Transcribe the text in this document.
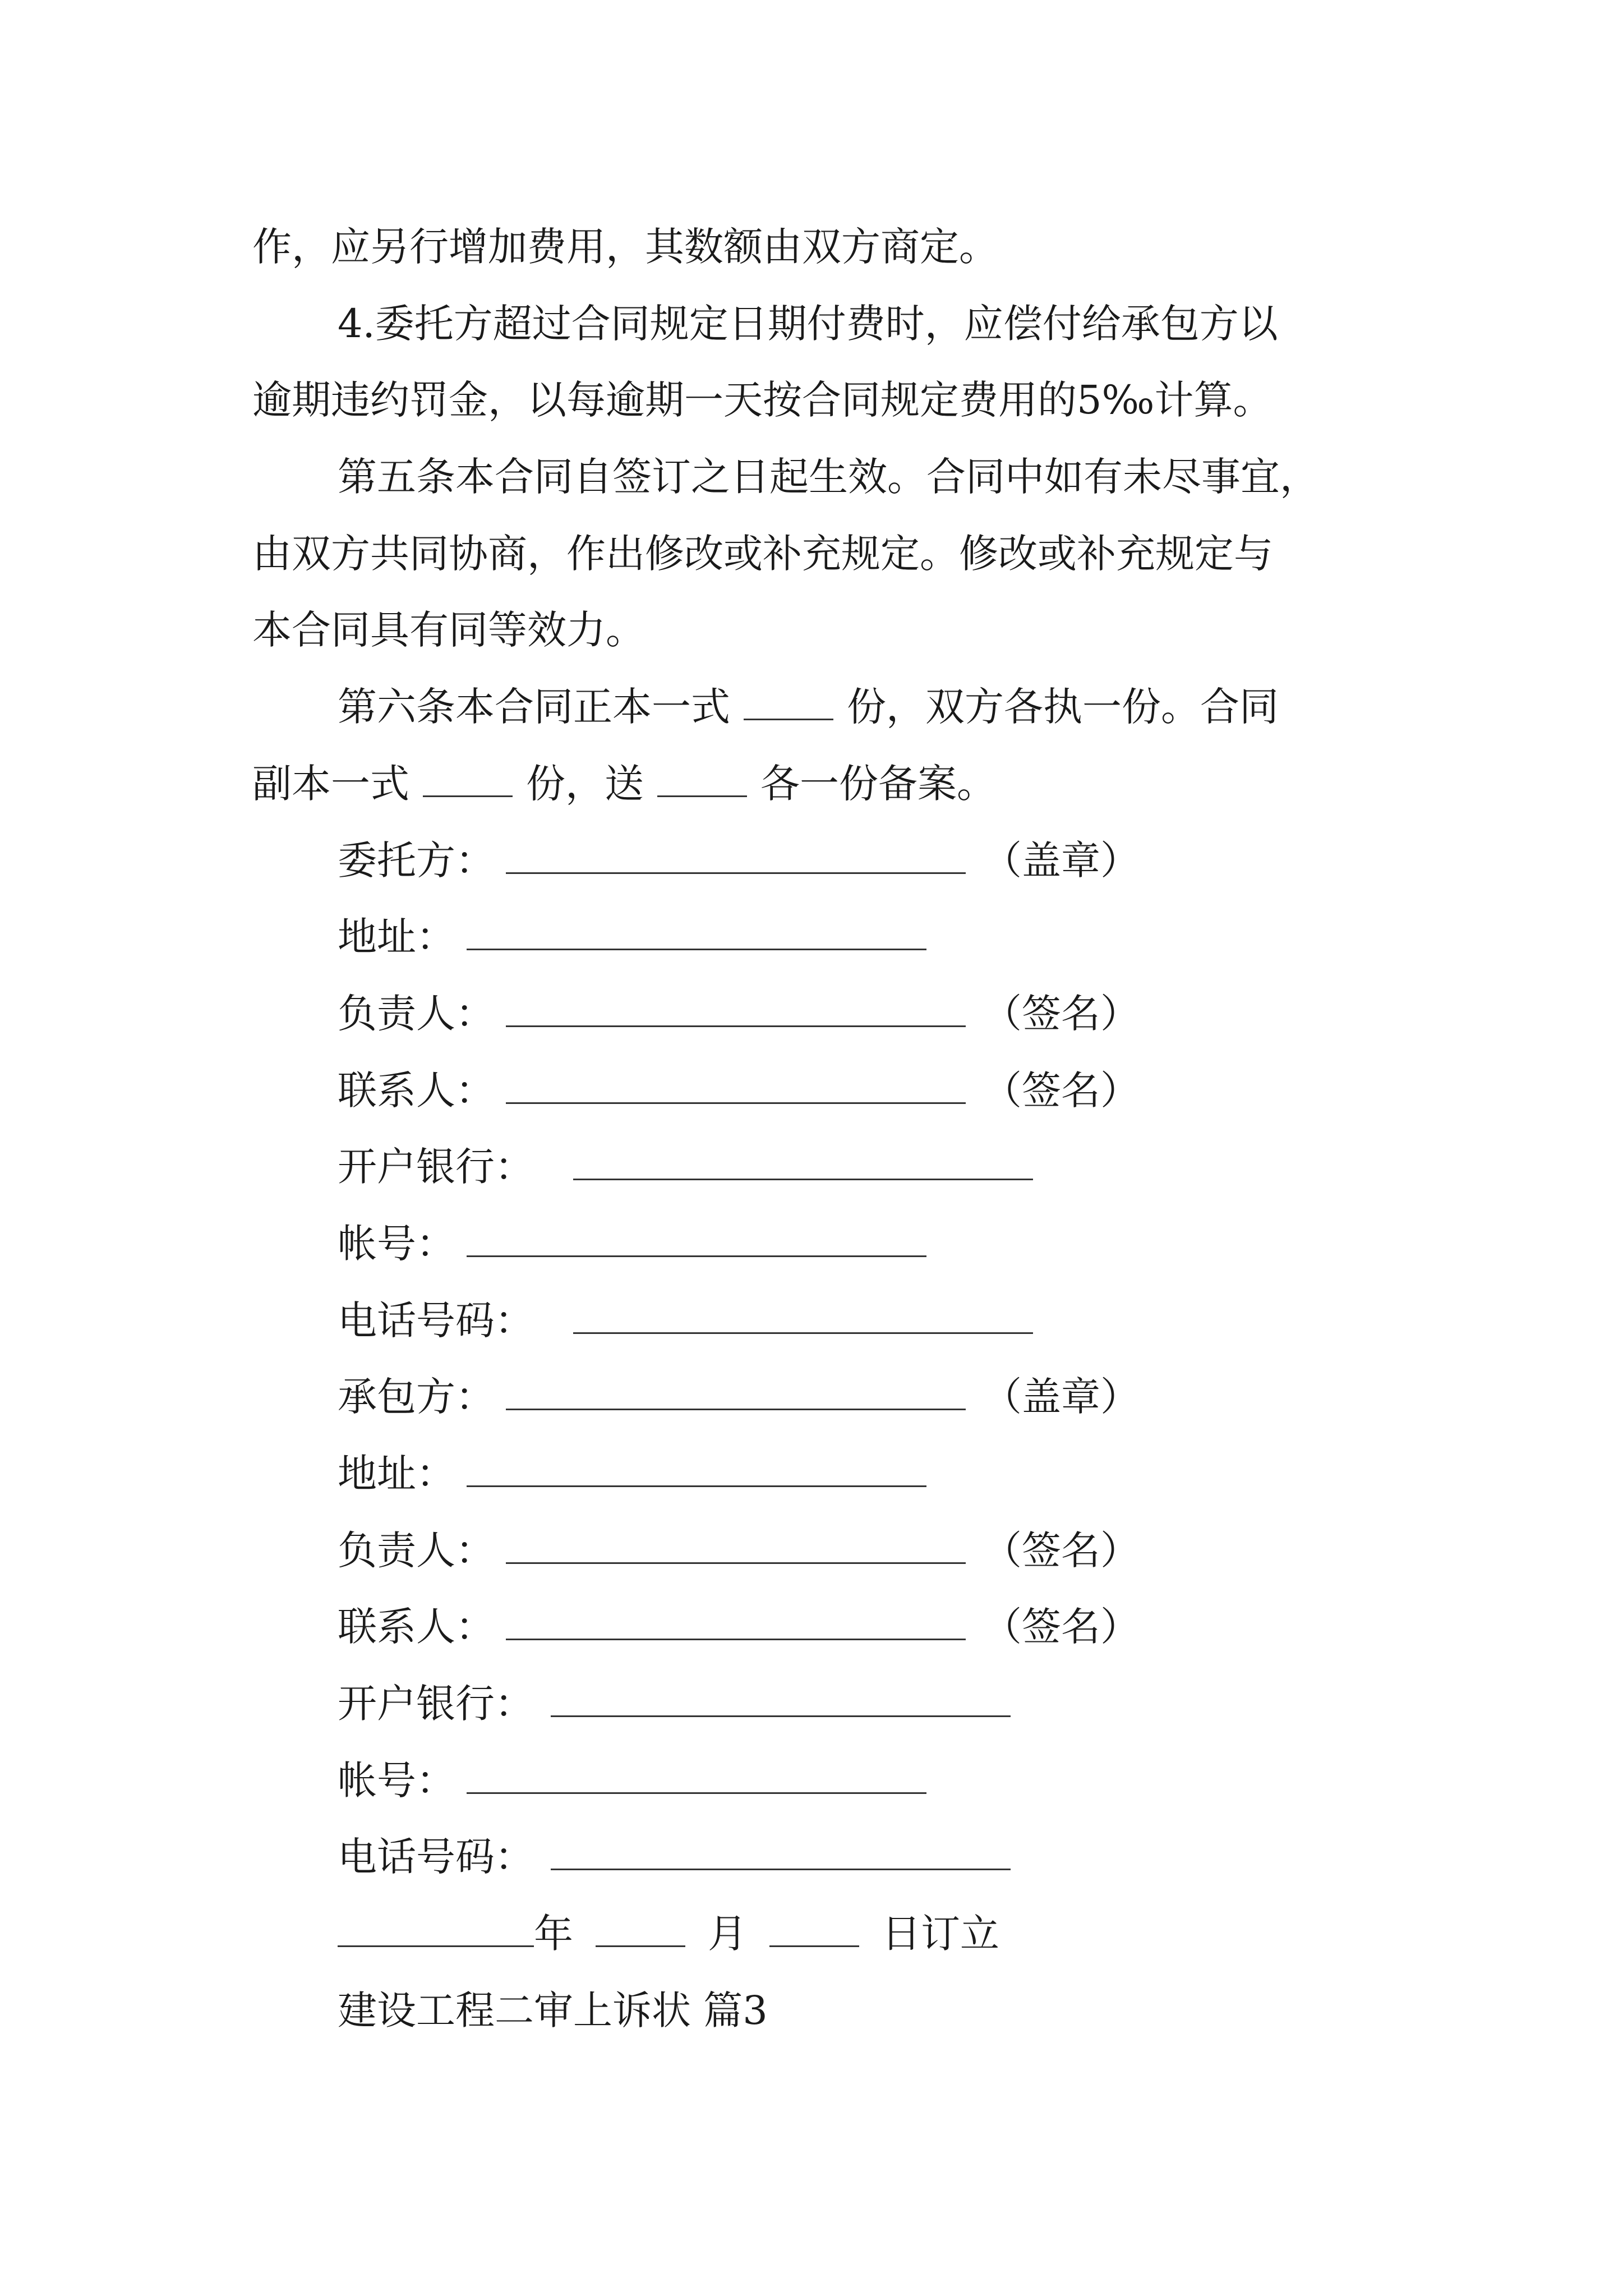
作，应另行增加费用，其数额由双方商定。
4.委托方超过合同规定日期付费时，应偿付给承包方以
逾期违约罚金，以每逾期一天按合同规定费用的5‰计算。
第五条本合同自签订之日起生效。合同中如有未尽事宜，
由双方共同协商，作出修改或补充规定。修改或补充规定与
本合同具有同等效力。
第六条本合同正本一式	份，双方各执一份。合同
副本一式	份，送	各一份备案。
委托方：	（盖章）
地址：
负责人：	（签名）
联系人：	（签名）
开户银行：
帐号：
电话号码：
承包方：	（盖章）
地址：
负责人：	（签名）
联系人：	（签名）
开户银行：
帐号：
电话号码：
年	月	日订立
建设工程二审上诉状 篇3
